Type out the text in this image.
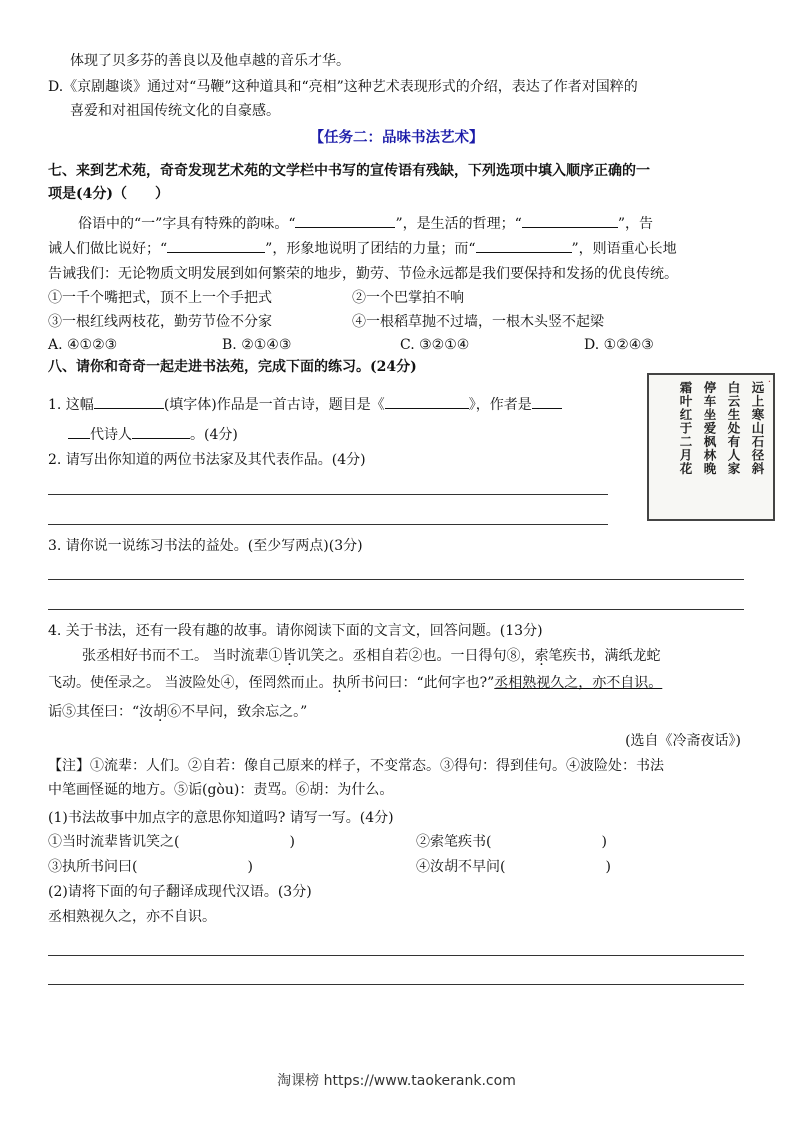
体现了贝多芬的善良以及他卓越的音乐才华。
D.《京剧趣谈》通过对“马鞭”这种道具和“亮相”这种艺术表现形式的介绍，表达了作者对国粹的
喜爱和对祖国传统文化的自豪感。
【任务二：品味书法艺术】
七、来到艺术苑，奇奇发现艺术苑的文学栏中书写的宣传语有残缺，下列选项中填入顺序正确的一
项是(4分)（　　）
俗语中的“一”字具有特殊的韵味。“	”，是生活的哲理；“	”，告
诫人们做比说好；“	”，形象地说明了团结的力量；而“	”，则语重心长地
告诫我们：无论物质文明发展到如何繁荣的地步，勤劳、节俭永远都是我们要保持和发扬的优良传统。
①一千个嘴把式，顶不上一个手把式	②一个巴掌拍不响
③一根红线两枝花，勤劳节俭不分家	④一根稻草抛不过墙，一根木头竖不起梁
A. ④①②③	B. ②①④③	C. ③②①④	D. ①②④③
八、请你和奇奇一起走进书法苑，完成下面的练习。(24分)
1. 这幅	(填字体)作品是一首古诗，题目是《	》，作者是
代诗人	。(4分)
2. 请写出你知道的两位书法家及其代表作品。(4分)
3. 请你说一说练习书法的益处。(至少写两点)(3分)
4. 关于书法，还有一段有趣的故事。请你阅读下面的文言文，回答问题。(13分)
张丞相好书而不工。 当时流辈①皆讥笑之。丞相自若②也。一日得句⑧，索笔疾书，满纸龙蛇
飞动。使侄录之。 当波险处④，侄罔然而止。执所书问曰：“此何字也?”丞相熟视久之，亦不自识。
诟⑤其侄曰：“汝胡⑥不早问，致余忘之。”
(选自《冷斋夜话》)
【注】①流辈：人们。②自若：像自己原来的样子，不变常态。③得句：得到佳句。④波险处：书法
中笔画怪诞的地方。⑤诟(gòu)：责骂。⑥胡：为什么。
(1)书法故事中加点字的意思你知道吗? 请写一写。(4分)
①当时流辈皆讥笑之(	)	②索笔疾书(	)
③执所书问曰(	)	④汝胡不早问(	)
(2)请将下面的句子翻译成现代汉语。(3分)
丞相熟视久之，亦不自识。
远上寒山石径斜
白云生处有人家
停车坐爱枫林晚
霜叶红于二月花	·
淘课榜 https://www.taokerank.com
